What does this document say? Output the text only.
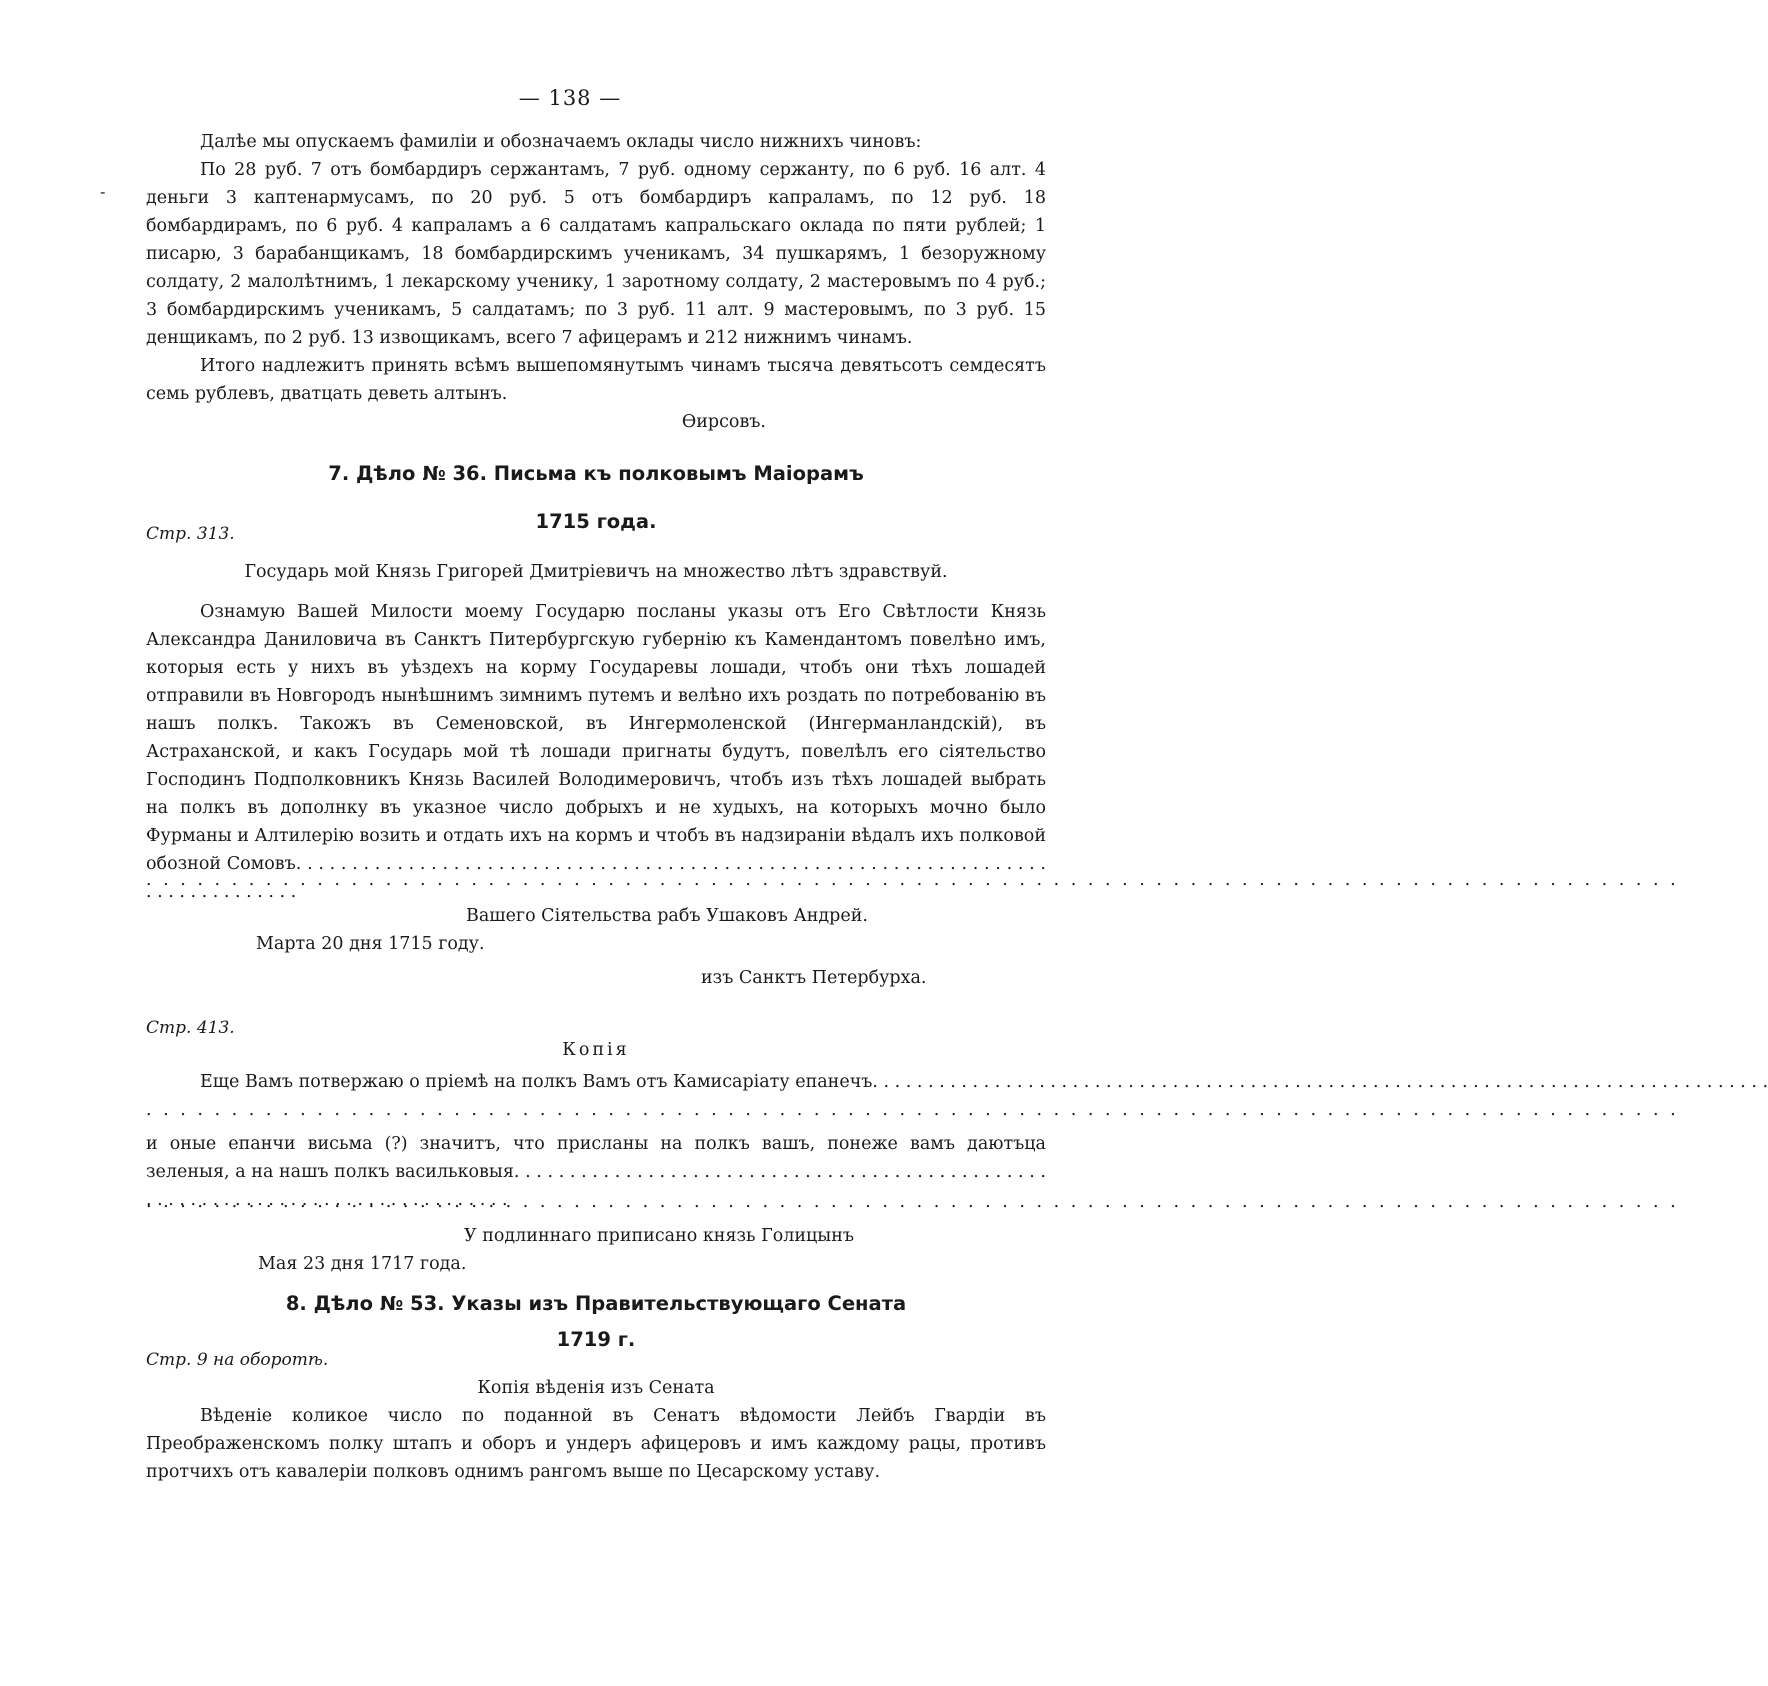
— 138 —
-
Далѣе мы опускаемъ фамиліи и обозначаемъ оклады число нижнихъ чиновъ:
По 28 руб. 7 отъ бомбардиръ сержантамъ, 7 руб. одному сержанту, по 6 руб. 16 алт. 4 деньги 3 каптенармусамъ, по 20 руб. 5 отъ бомбардиръ капраламъ, по 12 руб. 18 бомбардирамъ, по 6 руб. 4 капраламъ а 6 салдатамъ капральскаго оклада по пяти рублей; 1 писарю, 3 барабанщикамъ, 18 бомбардирскимъ ученикамъ, 34 пушкарямъ, 1 безоружному солдату, 2 малолѣтнимъ, 1 лекарскому ученику, 1 заротному солдату, 2 мастеровымъ по 4 руб.; 3 бомбардирскимъ ученикамъ, 5 салдатамъ; по 3 руб. 11 алт. 9 мастеровымъ, по 3 руб. 15 денщикамъ, по 2 руб. 13 извощикамъ, всего 7 афицерамъ и 212 нижнимъ чинамъ.
Итого надлежитъ принять всѣмъ вышепомянутымъ чинамъ тысяча девятьсотъ семдесятъ семь рублевъ, дватцать деветь алтынъ.
Өирсовъ.
7. Дѣло № 36. Письма къ полковымъ Маіорамъ
1715 года.
Стр. 313.
Государь мой Князь Григорей Дмитріевичъ на множество лѣтъ здравствуй.
Ознамую Вашей Милости моему Государю посланы указы отъ Его Свѣтлости Князь Александра Даниловича въ Санктъ Питербургскую губернію къ Камендантомъ повелѣно имъ, которыя есть у нихъ въ уѣздехъ на корму Государевы лошади, чтобъ они тѣхъ лошадей отправили въ Новгородъ нынѣшнимъ зимнимъ путемъ и велѣно ихъ роздать по потребованію въ нашъ полкъ. Такожъ въ Семеновской, въ Ингермоленской (Ингерманландскій), въ Астраханской, и какъ Государь мой тѣ лошади пригнаты будутъ, повелѣлъ его сіятельство Господинъ Подполковникъ Князь Василей Володимеровичъ, чтобъ изъ тѣхъ лошадей выбрать на полкъ въ дополнку въ указное число добрыхъ и не худыхъ, на которыхъ мочно было Фурманы и Алтилерію возить и отдать ихъ на кормъ и чтобъ въ надзираніи вѣдалъ ихъ полковой обозной Сомовъ. . . .
. . . . . . . . . . . . . . . . . . . . . . . . . . . . . . . . . . . . . . . . . . . . . . . . . . . . . . . . . . . . . . . . . . . . . . . . . . . . . . . . . . . . . . . . . .
Вашего Сіятельства рабъ Ушаковъ Андрей.
Марта 20 дня 1715 году.
изъ Санктъ Петербурха.
Стр. 413.
Копія
Еще Вамъ потвержаю о пріемѣ на полкъ Вамъ отъ Камисаріату епанечъ. . . .
. . . . . . . . . . . . . . . . . . . . . . . . . . . . . . . . . . . . . . . . . . . . . . . . . . . . . . . . . . . . . . . . . . . . . . . . . . . . . . . . . . . . . . . . . .
и оные епанчи висьма (?) значитъ, что присланы на полкъ вашъ, понеже вамъ даютъца зеленыя, а на нашъ полкъ васильковыя. . . .
. . . . . . . . . . . . . . . . . . . . . . . . . . . . . . . . . . . . . . . . . . . . . . . . . . . . . . . . . . . . . . . . . . . . . . . . . . . . . . . . . . . . . . . . . .
У подлиннаго приписано князь Голицынъ
Мая 23 дня 1717 года.
8. Дѣло № 53. Указы изъ Правительствующаго Сената
1719 г.
Стр. 9 на оборотѣ.
Копія вѣденія изъ Сената
Вѣденіе коликое число по поданной въ Сенатъ вѣдомости Лейбъ Гвардіи въ Преображенскомъ полку штапъ и оборъ и ундеръ афицеровъ и имъ каждому рацы, противъ протчихъ отъ кавалеріи полковъ однимъ рангомъ выше по Цесарскому уставу.
